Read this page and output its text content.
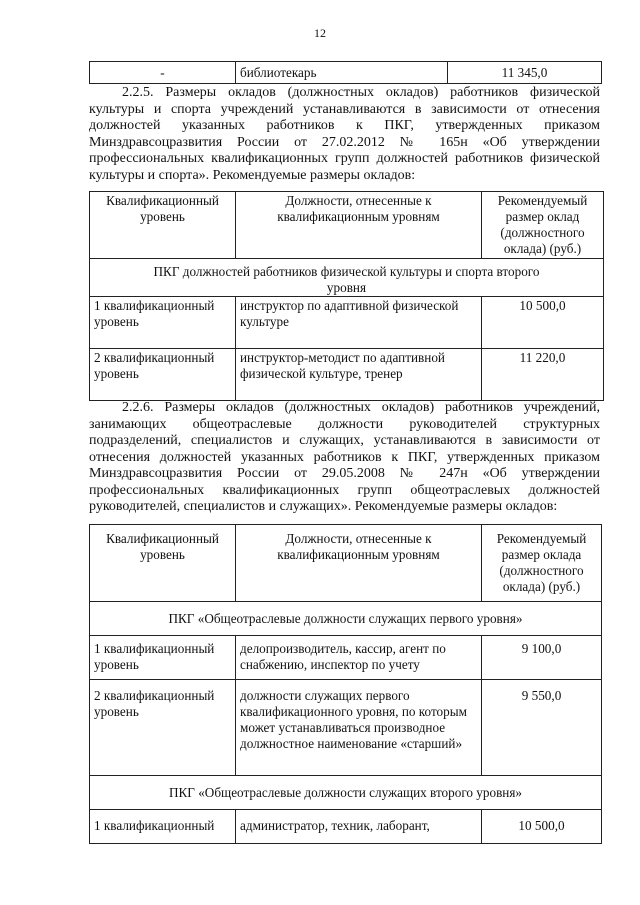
12
-	библиотекарь	11 345,0
2.2.5. Размеры окладов (должностных окладов) работников физической культуры и спорта учреждений устанавливаются в зависимости от отнесения должностей указанных работников к ПКГ, утвержденных приказом Минздравсоцразвития России от 27.02.2012 № 165н «Об утверждении профессиональных квалификационных групп должностей работников физической культуры и спорта». Рекомендуемые размеры окладов:
Квалификационный уровень	Должности, отнесенные к квалификационным уровням	Рекомендуемый размер оклад (должностного оклада) (руб.)
ПКГ должностей работников физической культуры и спорта второго уровня		
1 квалификационный уровень	инструктор по адаптивной физической культуре	10 500,0
2 квалификационный уровень	инструктор-методист по адаптивной физической культуре, тренер	11 220,0
2.2.6. Размеры окладов (должностных окладов) работников учреждений, занимающих общеотраслевые должности руководителей структурных подразделений, специалистов и служащих, устанавливаются в зависимости от отнесения должностей указанных работников к ПКГ, утвержденных приказом Минздравсоцразвития России от 29.05.2008 № 247н «Об утверждении профессиональных квалификационных групп общеотраслевых должностей руководителей, специалистов и служащих». Рекомендуемые размеры окладов:
Квалификационный уровень	Должности, отнесенные к квалификационным уровням	Рекомендуемый размер оклада (должностного оклада) (руб.)
ПКГ «Общеотраслевые должности служащих первого уровня»		
1 квалификационный уровень	делопроизводитель, кассир, агент по снабжению, инспектор по учету	9 100,0
2 квалификационный уровень	должности служащих первого квалификационного уровня, по которым может устанавливаться производное должностное наименование «старший»	9 550,0
ПКГ «Общеотраслевые должности служащих второго уровня»		
1 квалификационный	администратор, техник, лаборант,	10 500,0
